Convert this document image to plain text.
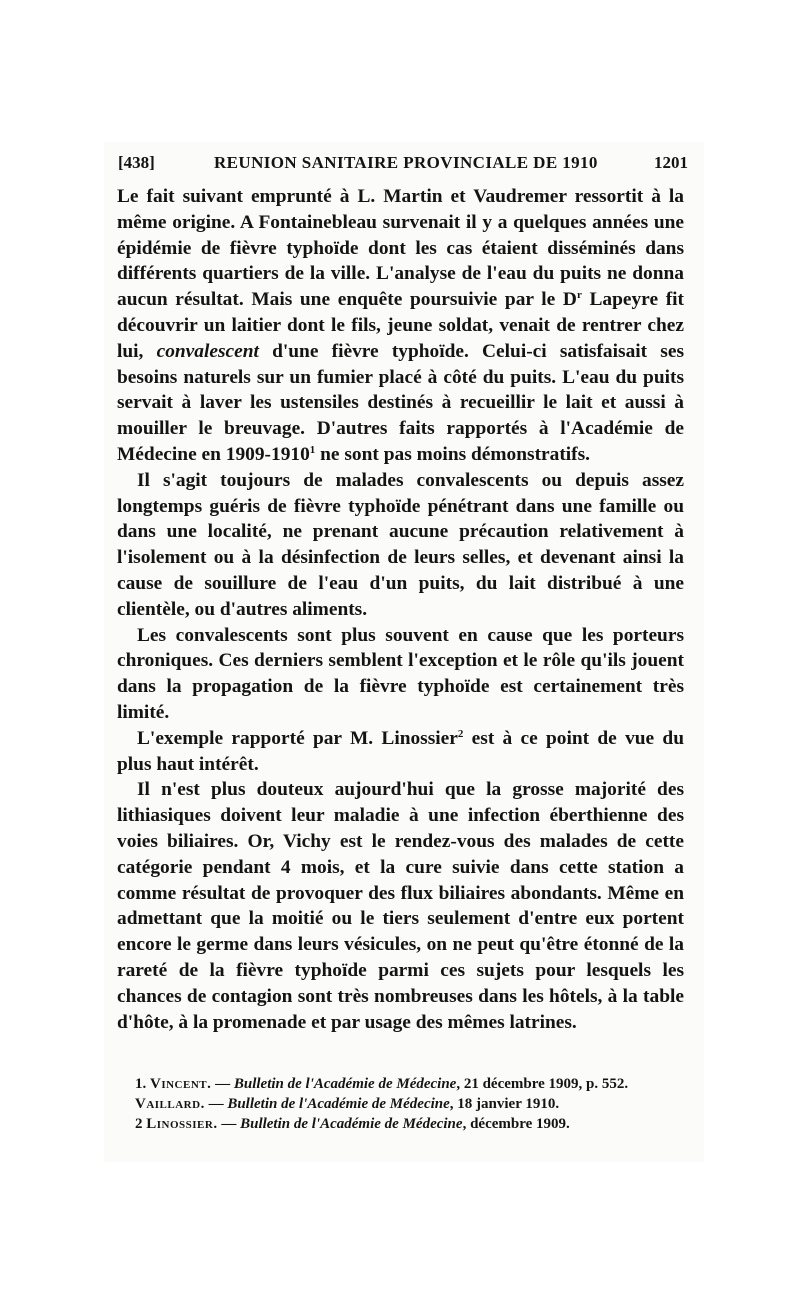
[438]	REUNION SANITAIRE PROVINCIALE DE 1910	1201

Le fait suivant emprunté à L. Martin et Vaudremer ressortit à la même origine. A Fontainebleau survenait il y a quelques années une épidémie de fièvre typhoïde dont les cas étaient disséminés dans différents quartiers de la ville. L'analyse de l'eau du puits ne donna aucun résultat. Mais une enquête poursuivie par le $D^r$ Lapeyre fit découvrir un laitier dont le fils, jeune soldat, venait de rentrer chez lui, convalescent d'une fièvre typhoïde. Celui-ci satisfaisait ses besoins naturels sur un fumier placé à côté du puits. L'eau du puits servait à laver les ustensiles destinés à recueillir le lait et aussi à mouiller le breuvage. D'autres faits rapportés à l'Académie de Médecine en 1909-1910$^1$ ne sont pas moins démonstratifs.

Il s'agit toujours de malades convalescents ou depuis assez longtemps guéris de fièvre typhoïde pénétrant dans une famille ou dans une localité, ne prenant aucune précaution relativement à l'isolement ou à la désinfection de leurs selles, et devenant ainsi la cause de souillure de l'eau d'un puits, du lait distribué à une clientèle, ou d'autres aliments.

Les convalescents sont plus souvent en cause que les porteurs chroniques. Ces derniers semblent l'exception et le rôle qu'ils jouent dans la propagation de la fièvre typhoïde est certainement très limité.

L'exemple rapporté par M. Linossier$^2$ est à ce point de vue du plus haut intérêt.

Il n'est plus douteux aujourd'hui que la grosse majorité des lithiasiques doivent leur maladie à une infection éberthienne des voies biliaires. Or, Vichy est le rendez-vous des malades de cette catégorie pendant 4 mois, et la cure suivie dans cette station a comme résultat de provoquer des flux biliaires abondants. Même en admettant que la moitié ou le tiers seulement d'entre eux portent encore le germe dans leurs vésicules, on ne peut qu'être étonné de la rareté de la fièvre typhoïde parmi ces sujets pour lesquels les chances de contagion sont très nombreuses dans les hôtels, à la table d'hôte, à la promenade et par usage des mêmes latrines.

1. Vincent. — Bulletin de l'Académie de Médecine, 21 décembre 1909, p. 552.

Vaillard. — Bulletin de l'Académie de Médecine, 18 janvier 1910.

2 Linossier. — Bulletin de l'Académie de Médecine, décembre 1909.
